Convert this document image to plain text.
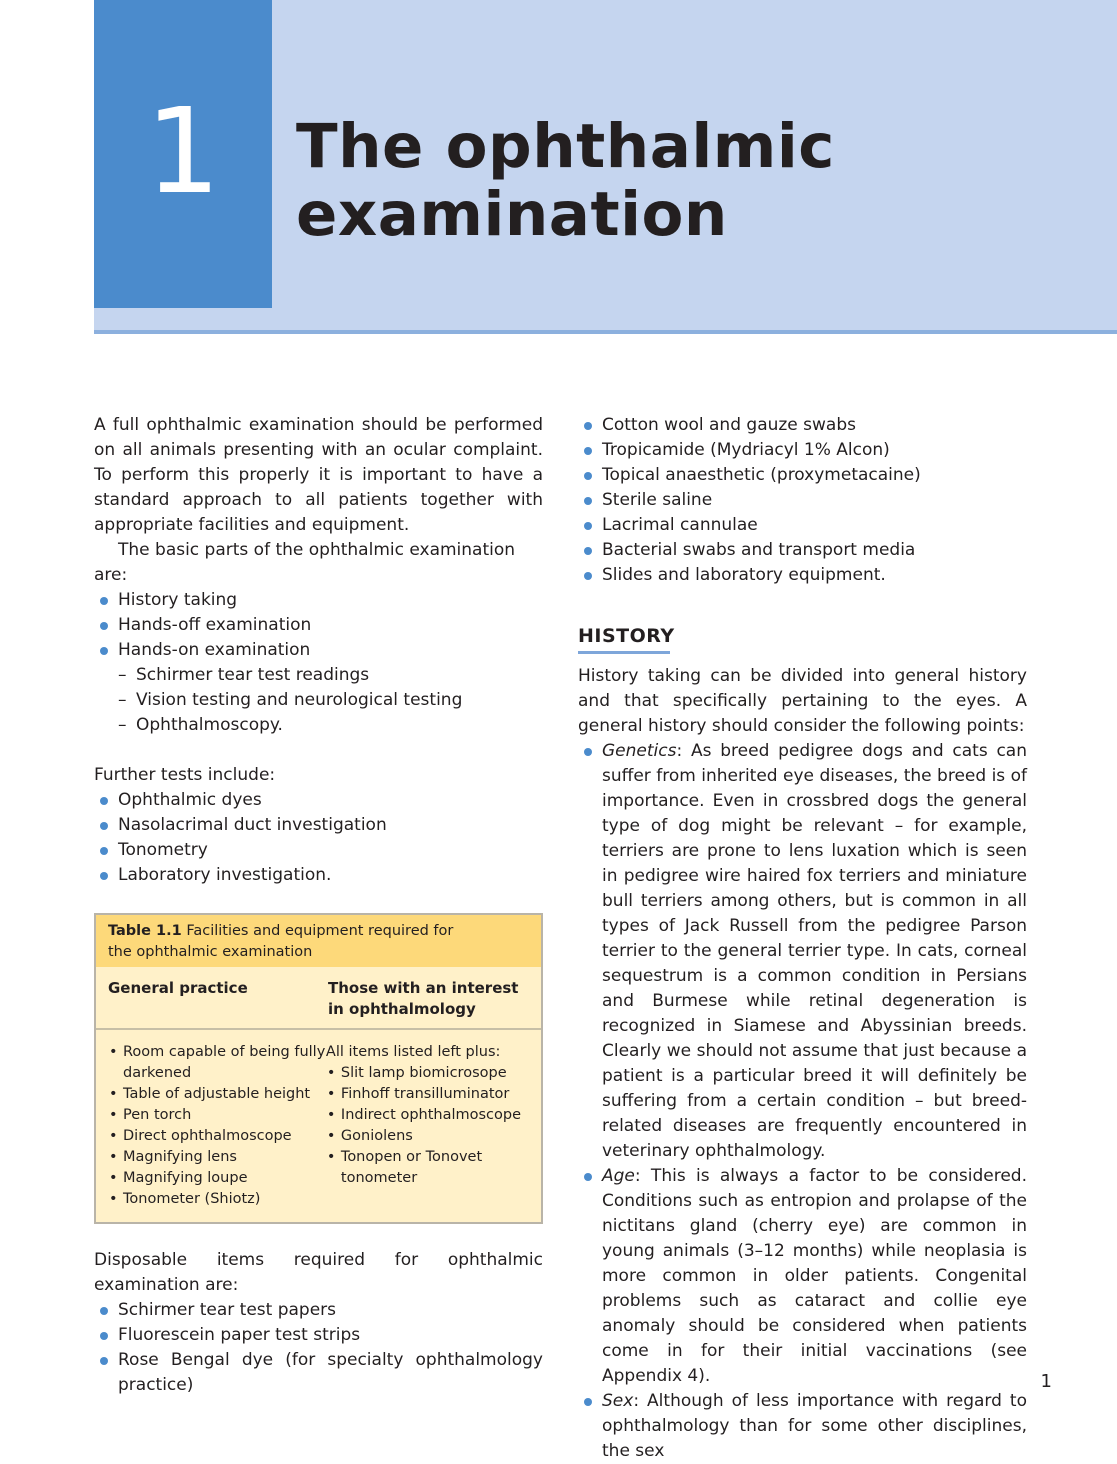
1	The ophthalmic
examination

A full ophthalmic examination should be performed on all animals presenting with an ocular complaint. To perform this properly it is important to have a standard approach to all patients together with appropriate facilities and equipment.

The basic parts of the ophthalmic examination are:

History taking
Hands-off examination
Hands-on examination
– Schirmer tear test readings
– Vision testing and neurological testing
– Ophthalmoscopy.

Further tests include:

Ophthalmic dyes
Nasolacrimal duct investigation
Tonometry
Laboratory investigation.
Table 1.1 Facilities and equipment required for
the ophthalmic examination
General practice	Those with an interest
in ophthalmology
• Room capable of being fully darkened
• Table of adjustable height
• Pen torch
• Direct ophthalmoscope
• Magnifying lens
• Magnifying loupe
• Tonometer (Shiotz)
All items listed left plus:
• Slit lamp biomicrosope
• Finhoff transilluminator
• Indirect ophthalmoscope
• Goniolens
• Tonopen or Tonovet tonometer

Disposable items required for ophthalmic examination are:

Schirmer tear test papers
Fluorescein paper test strips
Rose Bengal dye (for specialty ophthalmology practice)
Cotton wool and gauze swabs
Tropicamide (Mydriacyl 1% Alcon)
Topical anaesthetic (proxymetacaine)
Sterile saline
Lacrimal cannulae
Bacterial swabs and transport media
Slides and laboratory equipment.
HISTORY

History taking can be divided into general history and that specifically pertaining to the eyes. A general history should consider the following points:

Genetics: As breed pedigree dogs and cats can suffer from inherited eye diseases, the breed is of importance. Even in crossbred dogs the general type of dog might be relevant – for example, terriers are prone to lens luxation which is seen in pedigree wire haired fox terriers and miniature bull terriers among others, but is common in all types of Jack Russell from the pedigree Parson terrier to the general terrier type. In cats, corneal sequestrum is a common condition in Persians and Burmese while retinal degeneration is recognized in Siamese and Abyssinian breeds. Clearly we should not assume that just because a patient is a particular breed it will definitely be suffering from a certain condition – but breed-related diseases are frequently encountered in veterinary ophthalmology.
Age: This is always a factor to be considered. Conditions such as entropion and prolapse of the nictitans gland (cherry eye) are common in young animals (3–12 months) while neoplasia is more common in older patients. Congenital problems such as cataract and collie eye anomaly should be considered when patients come in for their initial vaccinations (see Appendix 4).
Sex: Although of less importance with regard to ophthalmology than for some other disciplines, the sex
1
